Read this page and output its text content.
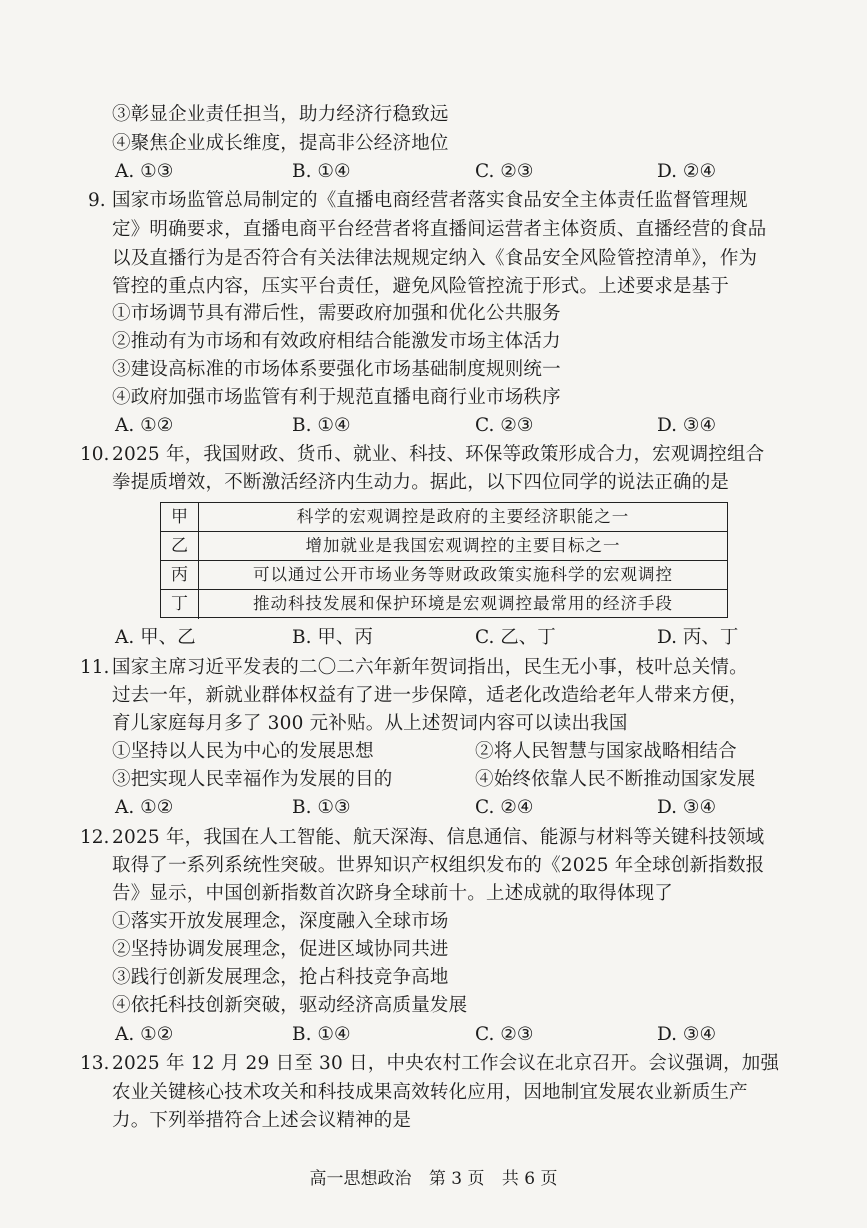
③彰显企业责任担当，助力经济行稳致远
④聚焦企业成长维度，提高非公经济地位
A. ①③	B. ①④	C. ②③	D. ②④
9. 国家市场监管总局制定的《直播电商经营者落实食品安全主体责任监督管理规
定》明确要求，直播电商平台经营者将直播间运营者主体资质、直播经营的食品
以及直播行为是否符合有关法律法规规定纳入《食品安全风险管控清单》，作为
管控的重点内容，压实平台责任，避免风险管控流于形式。上述要求是基于
①市场调节具有滞后性，需要政府加强和优化公共服务
②推动有为市场和有效政府相结合能激发市场主体活力
③建设高标准的市场体系要强化市场基础制度规则统一
④政府加强市场监管有利于规范直播电商行业市场秩序
A. ①②	B. ①④	C. ②③	D. ③④
10. 2025 年，我国财政、货币、就业、科技、环保等政策形成合力，宏观调控组合
拳提质增效，不断激活经济内生动力。据此，以下四位同学的说法正确的是
甲	科学的宏观调控是政府的主要经济职能之一
乙	增加就业是我国宏观调控的主要目标之一
丙	可以通过公开市场业务等财政政策实施科学的宏观调控
丁	推动科技发展和保护环境是宏观调控最常用的经济手段
A. 甲、乙	B. 甲、丙	C. 乙、丁	D. 丙、丁
11. 国家主席习近平发表的二〇二六年新年贺词指出，民生无小事，枝叶总关情。
过去一年，新就业群体权益有了进一步保障，适老化改造给老年人带来方便，
育儿家庭每月多了 300 元补贴。从上述贺词内容可以读出我国
①坚持以人民为中心的发展思想	②将人民智慧与国家战略相结合
③把实现人民幸福作为发展的目的	④始终依靠人民不断推动国家发展
A. ①②	B. ①③	C. ②④	D. ③④
12. 2025 年，我国在人工智能、航天深海、信息通信、能源与材料等关键科技领域
取得了一系列系统性突破。世界知识产权组织发布的《2025 年全球创新指数报
告》显示，中国创新指数首次跻身全球前十。上述成就的取得体现了
①落实开放发展理念，深度融入全球市场
②坚持协调发展理念，促进区域协同共进
③践行创新发展理念，抢占科技竞争高地
④依托科技创新突破，驱动经济高质量发展
A. ①②	B. ①④	C. ②③	D. ③④
13. 2025 年 12 月 29 日至 30 日，中央农村工作会议在北京召开。会议强调，加强
农业关键核心技术攻关和科技成果高效转化应用，因地制宜发展农业新质生产
力。下列举措符合上述会议精神的是
高一思想政治 第 3 页 共 6 页
